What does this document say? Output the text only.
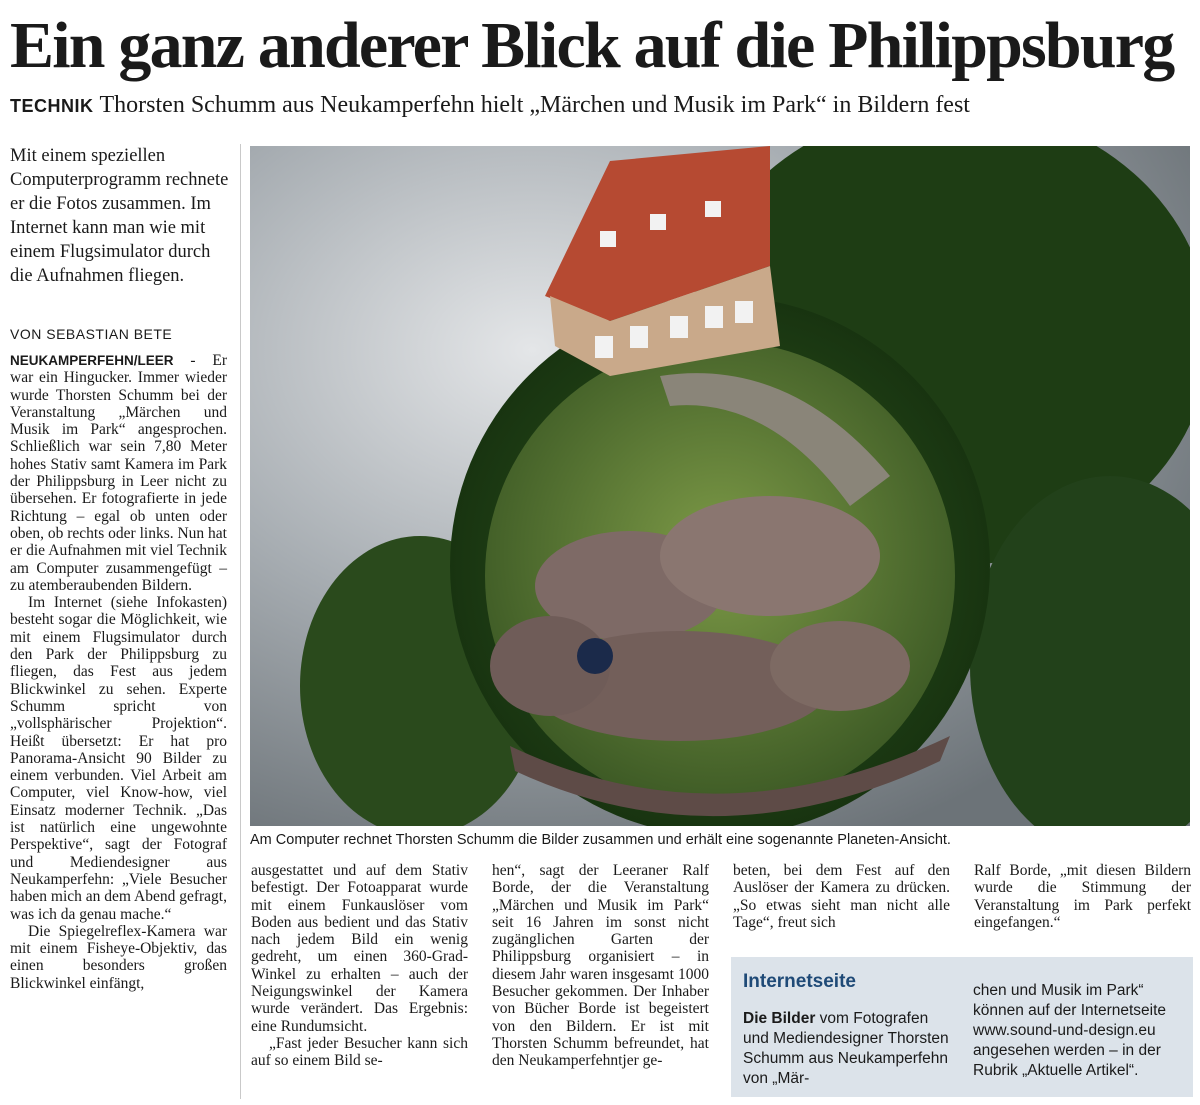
Ein ganz anderer Blick auf die Philippsburg
TECHNIK Thorsten Schumm aus Neukamperfehn hielt „Märchen und Musik im Park“ in Bildern fest

Mit einem speziellen Computerprogramm rechnete er die Fotos zusammen. Im Internet kann man wie mit einem Flugsimulator durch die Aufnahmen fliegen.

VON SEBASTIAN BETE

NEUKAMPERFEHN/LEER - Er war ein Hingucker. Immer wieder wurde Thorsten Schumm bei der Veranstaltung „Märchen und Musik im Park“ angesprochen. Schließlich war sein 7,80 Meter hohes Stativ samt Kamera im Park der Philippsburg in Leer nicht zu übersehen. Er fotografierte in jede Richtung – egal ob unten oder oben, ob rechts oder links. Nun hat er die Aufnahmen mit viel Technik am Computer zusammengefügt – zu atemberaubenden Bildern.

Im Internet (siehe Infokasten) besteht sogar die Möglichkeit, wie mit einem Flugsimulator durch den Park der Philippsburg zu fliegen, das Fest aus jedem Blickwinkel zu sehen. Experte Schumm spricht von „vollsphärischer Projektion“. Heißt übersetzt: Er hat pro Panorama-Ansicht 90 Bilder zu einem verbunden. Viel Arbeit am Computer, viel Know-how, viel Einsatz moderner Technik. „Das ist natürlich eine ungewohnte Perspektive“, sagt der Fotograf und Mediendesigner aus Neukamperfehn: „Viele Besucher haben mich an dem Abend gefragt, was ich da genau mache.“

Die Spiegelreflex-Kamera war mit einem Fisheye-Objektiv, das einen besonders großen Blickwinkel einfängt,

Am Computer rechnet Thorsten Schumm die Bilder zusammen und erhält eine sogenannte Planeten-Ansicht.

ausgestattet und auf dem Stativ befestigt. Der Fotoapparat wurde mit einem Funkauslöser vom Boden aus bedient und das Stativ nach jedem Bild ein wenig gedreht, um einen 360-Grad-Winkel zu erhalten – auch der Neigungswinkel der Kamera wurde verändert. Das Ergebnis: eine Rundumsicht.

„Fast jeder Besucher kann sich auf so einem Bild se-

hen“, sagt der Leeraner Ralf Borde, der die Veranstaltung „Märchen und Musik im Park“ seit 16 Jahren im sonst nicht zugänglichen Garten der Philippsburg organisiert – in diesem Jahr waren insgesamt 1000 Besucher gekommen. Der Inhaber von Bücher Borde ist begeistert von den Bildern. Er ist mit Thorsten Schumm befreundet, hat den Neukamperfehntjer ge-

beten, bei dem Fest auf den Auslöser der Kamera zu drücken. „So etwas sieht man nicht alle Tage“, freut sich

Ralf Borde, „mit diesen Bildern wurde die Stimmung der Veranstaltung im Park perfekt eingefangen.“

Internetseite
Die Bilder vom Fotografen und Mediendesigner Thorsten Schumm aus Neukamperfehn von „Mär-
chen und Musik im Park“ können auf der Internetseite www.sound-und-design.eu angesehen werden – in der Rubrik „Aktuelle Artikel“.
